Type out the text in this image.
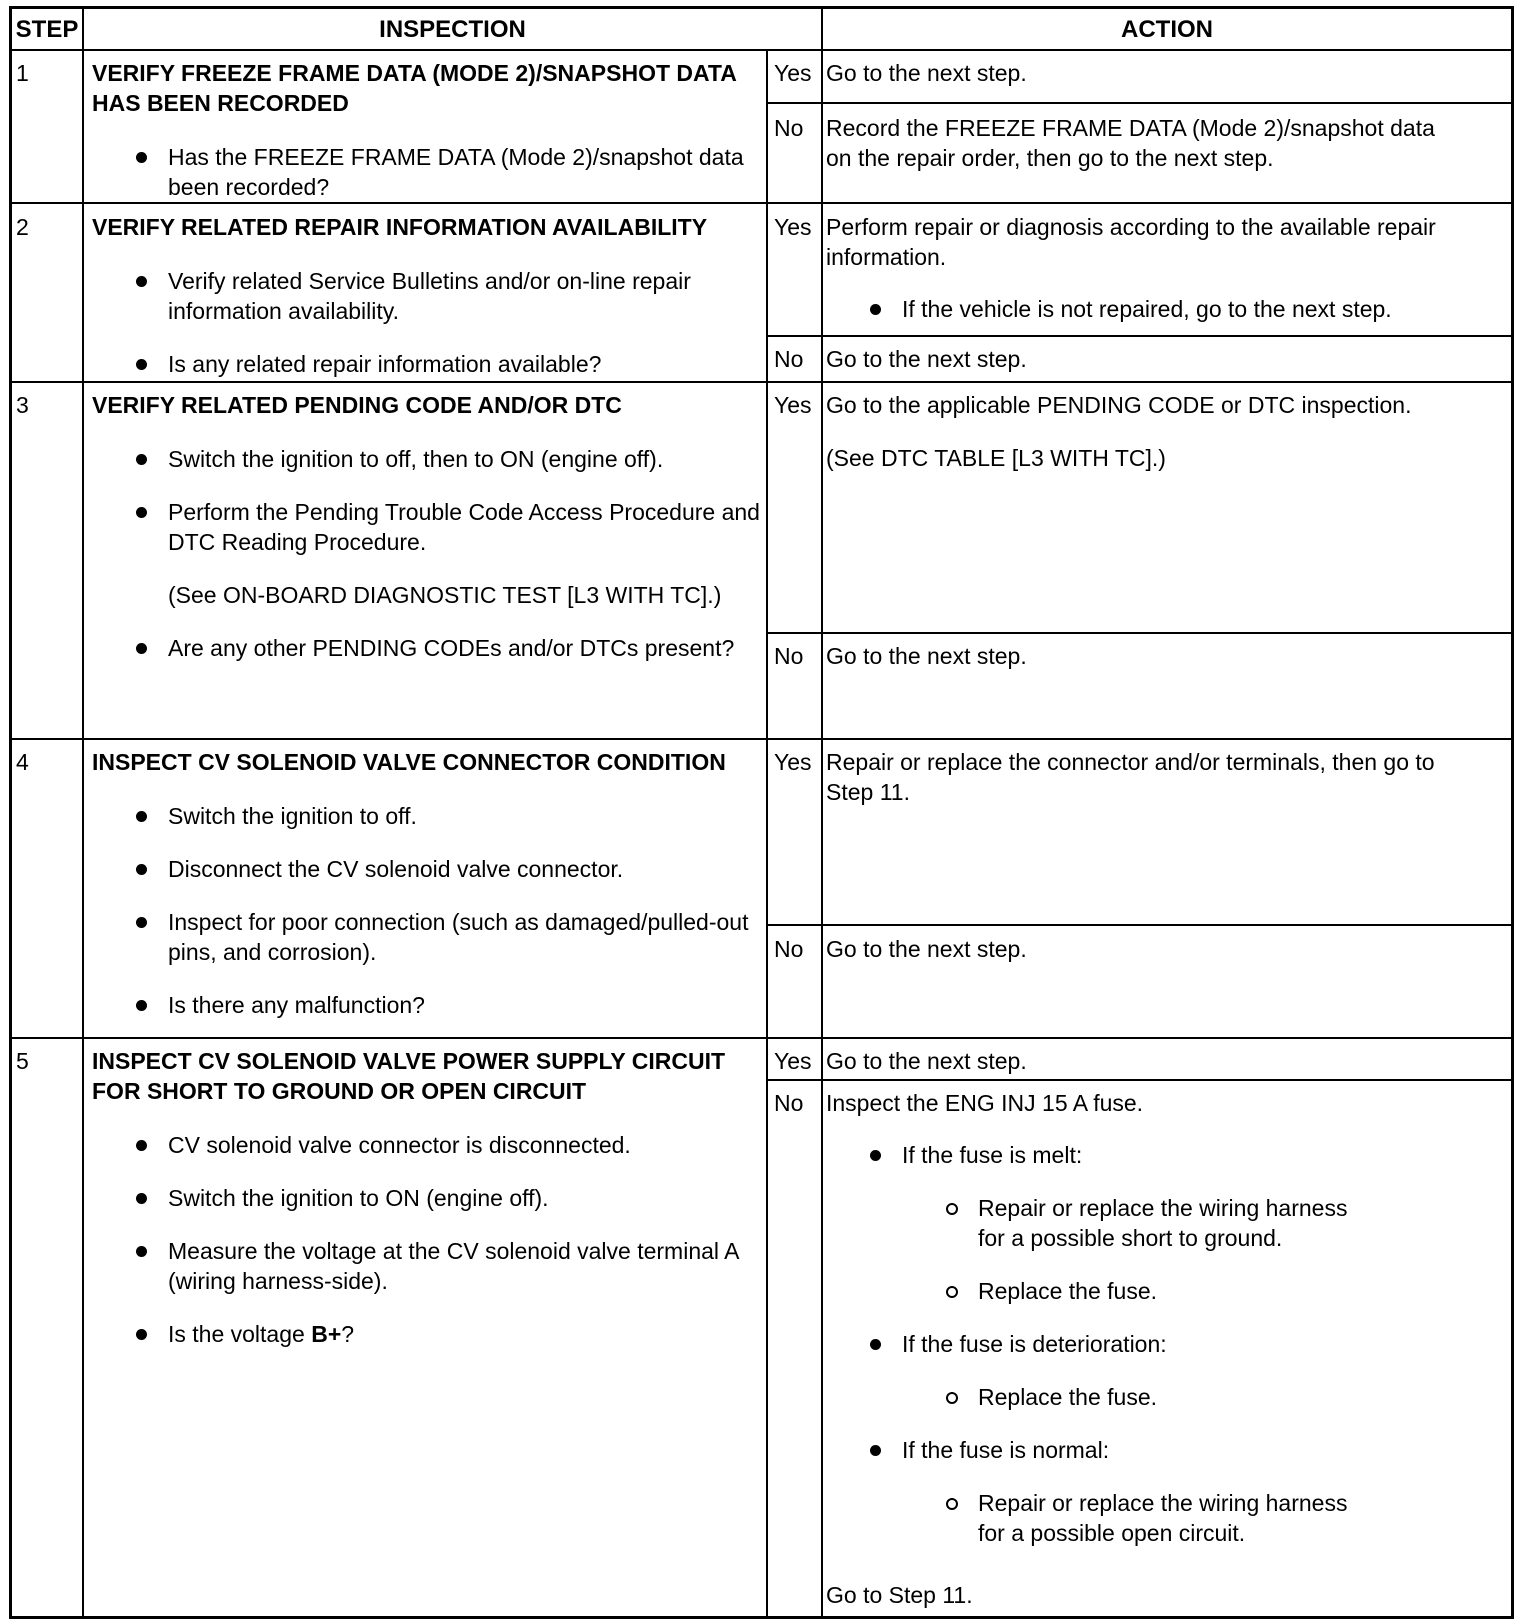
STEP	INSPECTION	ACTION
1	VERIFY FREEZE FRAME DATA (MODE 2)/SNAPSHOT DATA HAS BEEN RECORDED

Has the FREEZE FRAME DATA (Mode 2)/snapshot data been recorded?
Yes Go to the next step.
No Record the FREEZE FRAME DATA (Mode 2)/snapshot data on the repair order, then go to the next step.
2	VERIFY RELATED REPAIR INFORMATION AVAILABILITY

Verify related Service Bulletins and/or on-line repair information availability.
Is any related repair information available?
Yes Perform repair or diagnosis according to the available repair information.

If the vehicle is not repaired, go to the next step.
No Go to the next step.
3	VERIFY RELATED PENDING CODE AND/OR DTC

Switch the ignition to off, then to ON (engine off).
Perform the Pending Trouble Code Access Procedure and DTC Reading Procedure.
(See ON-BOARD DIAGNOSTIC TEST [L3 WITH TC].)
Are any other PENDING CODEs and/or DTCs present?
Yes Go to the applicable PENDING CODE or DTC inspection.

(See DTC TABLE [L3 WITH TC].)

No Go to the next step.
4	INSPECT CV SOLENOID VALVE CONNECTOR CONDITION

Switch the ignition to off.
Disconnect the CV solenoid valve connector.
Inspect for poor connection (such as damaged/pulled-out pins, and corrosion).
Is there any malfunction?
Yes Repair or replace the connector and/or terminals, then go to Step 11.
No Go to the next step.
5	INSPECT CV SOLENOID VALVE POWER SUPPLY CIRCUIT FOR SHORT TO GROUND OR OPEN CIRCUIT

CV solenoid valve connector is disconnected.
Switch the ignition to ON (engine off).
Measure the voltage at the CV solenoid valve terminal A (wiring harness-side).
Is the voltage B+?
Yes Go to the next step.
No Inspect the ENG INJ 15 A fuse.

If the fuse is melt:
Repair or replace the wiring harness for a possible short to ground.
Replace the fuse.
If the fuse is deterioration:
Replace the fuse.
If the fuse is normal:
Repair or replace the wiring harness for a possible open circuit.
Go to Step 11.
